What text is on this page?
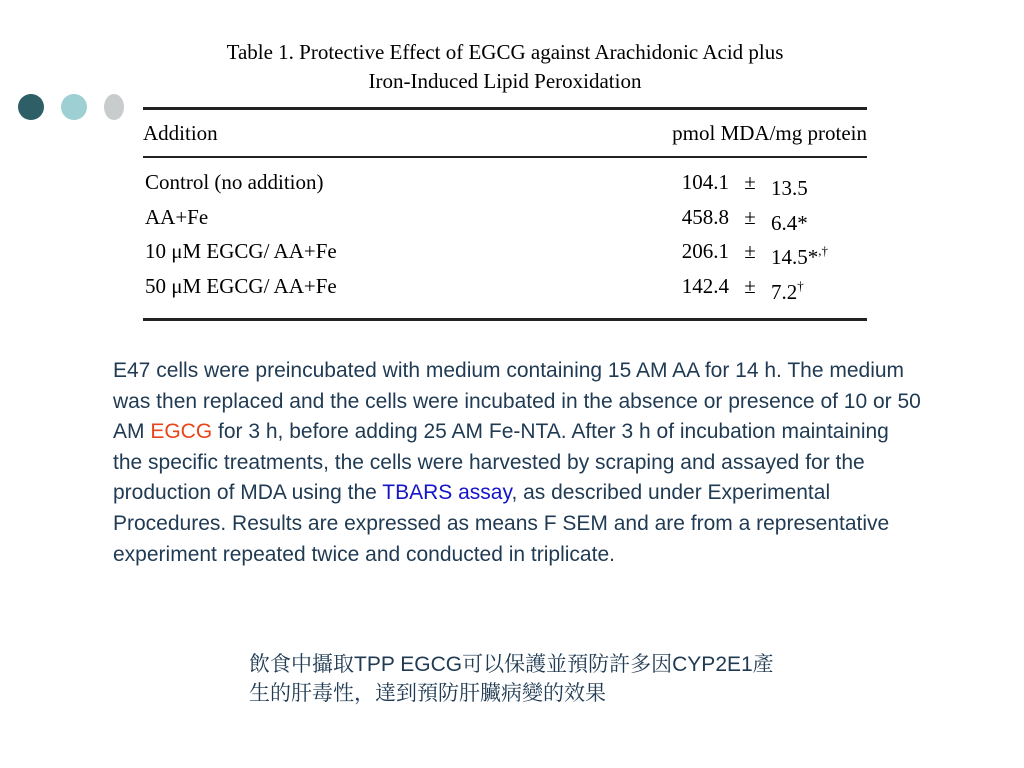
Table 1. Protective Effect of EGCG against Arachidonic Acid plus
Iron-Induced Lipid Peroxidation

Addition	pmol MDA/mg protein
Control (no addition)	104.1 ± 13.5
AA+Fe	458.8 ± 6.4*
10 μM EGCG/ AA+Fe	206.1 ± 14.5*,†
50 μM EGCG/ AA+Fe	142.4 ± 7.2†
E47 cells were preincubated with medium containing 15 AM AA for 14 h. The medium was then replaced and the cells were incubated in the absence or presence of 10 or 50 AM EGCG for 3 h, before adding 25 AM Fe-NTA. After 3 h of incubation maintaining the specific treatments, the cells were harvested by scraping and assayed for the production of MDA using the TBARS assay, as described under Experimental Procedures. Results are expressed as means F SEM and are from a representative experiment repeated twice and conducted in triplicate.
飲食中攝取TPP EGCG可以保護並預防許多因CYP2E1產生的肝毒性，達到預防肝臟病變的效果
